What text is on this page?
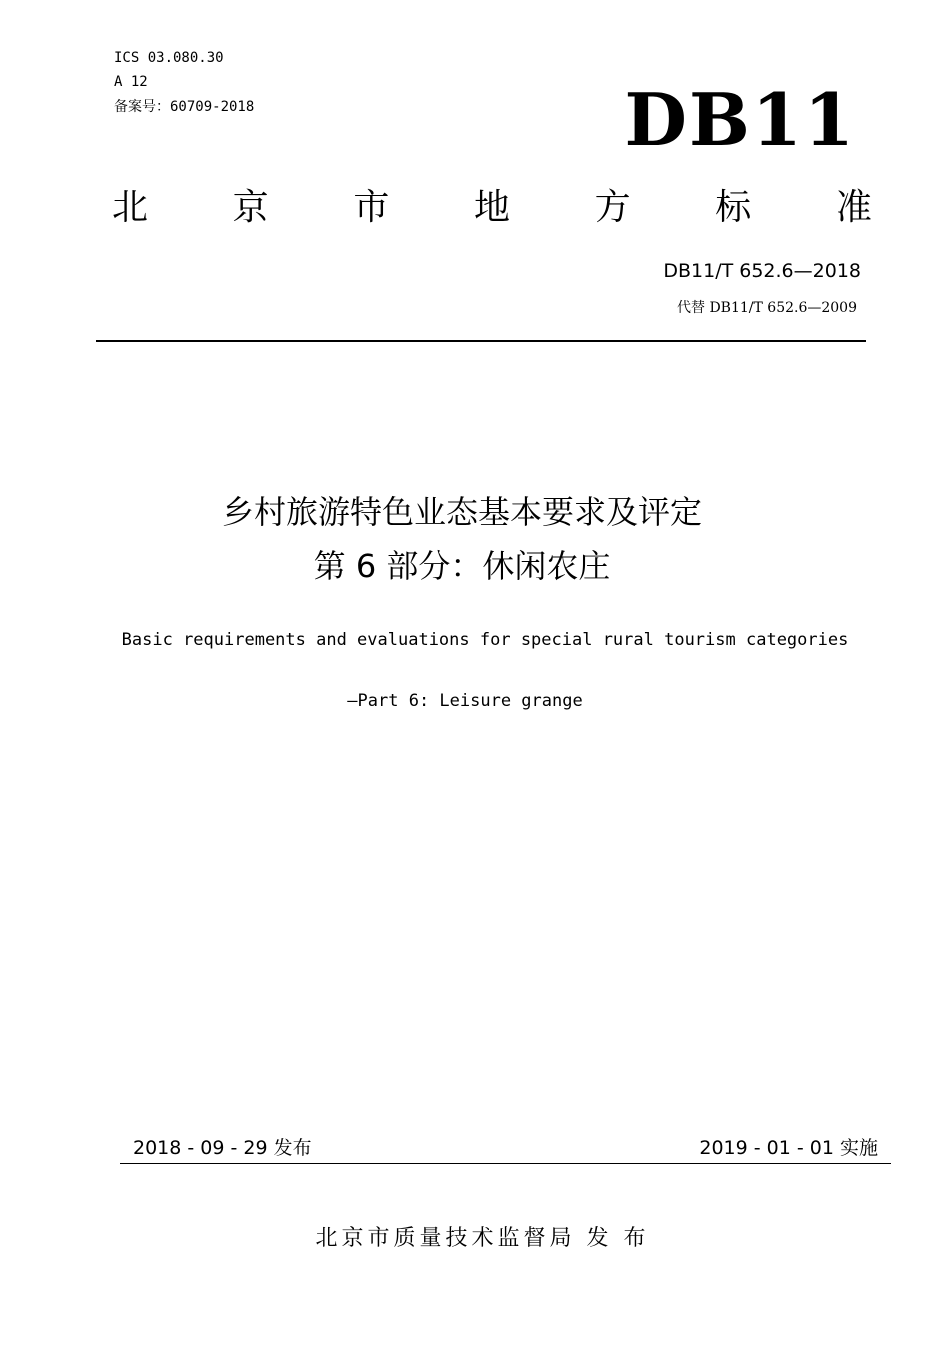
ICS 03.080.30
A 12
备案号：60709-2018	DB11
北 京 市 地 方 标 准
DB11/T 652.6—2018
代替 DB11/T 652.6—2009
乡村旅游特色业态基本要求及评定
第 6 部分：休闲农庄
Basic requirements and evaluations for special rural tourism categories
—Part 6: Leisure grange
2018 - 09 - 29 发布	2019 - 01 - 01 实施
北京市质量技术监督局 发 布
